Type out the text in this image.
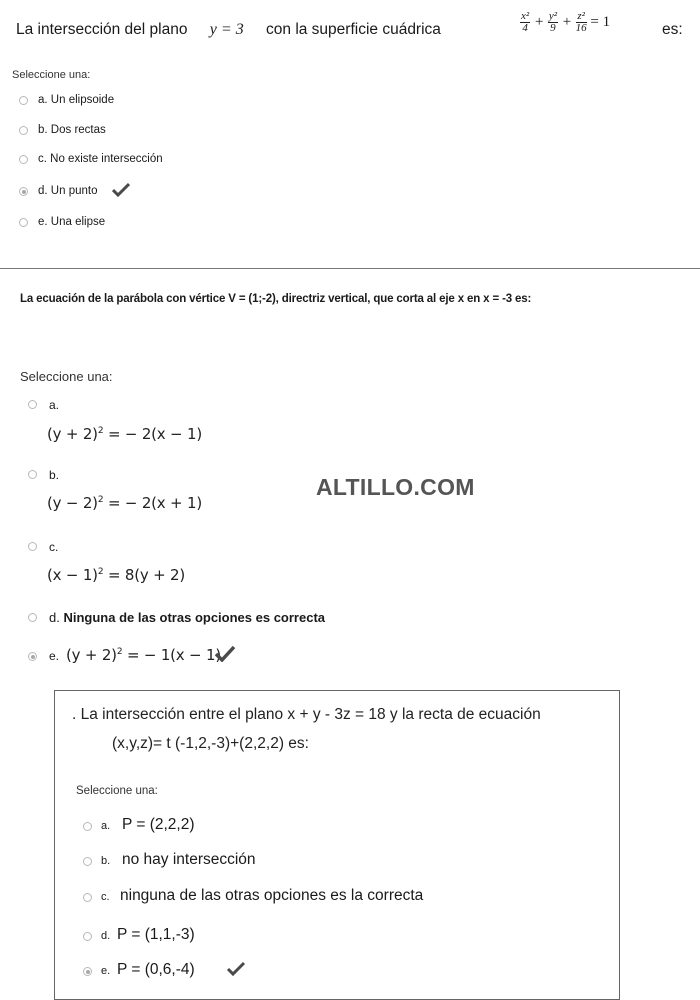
La intersección del plano y = 3 con la superficie cuádrica	$\frac{\text{x²}}{4} + \frac{\text{y²}}{9} + \frac{\text{z²}}{16} = 1$	es:
Seleccione una:
a. Un elipsoide
b. Dos rectas
c. No existe intersección
d. Un punto
e. Una elipse
La ecuación de la parábola con vértice V = (1;-2), directriz vertical, que corta al eje x en x = -3 es:
Seleccione una:
a.
$(y + 2)^2$ = − 2(x − 1)
b.
$(y - 2)^2$ = − 2(x + 1)
c.
$(x - 1)^2 = 8(y + 2)$
d. Ninguna de las otras opciones es correcta
e. $(y + 2)^2$ = − 1(x − 1)
ALTILLO.COM
. La intersección entre el plano x + y - 3z = 18 y la recta de ecuación
(x,y,z)= t (-1,2,-3)+(2,2,2) es:
Seleccione una:
a. P = (2,2,2)
b. no hay intersección
c. ninguna de las otras opciones es la correcta
d. P = (1,1,-3)
e. P = (0,6,-4)
